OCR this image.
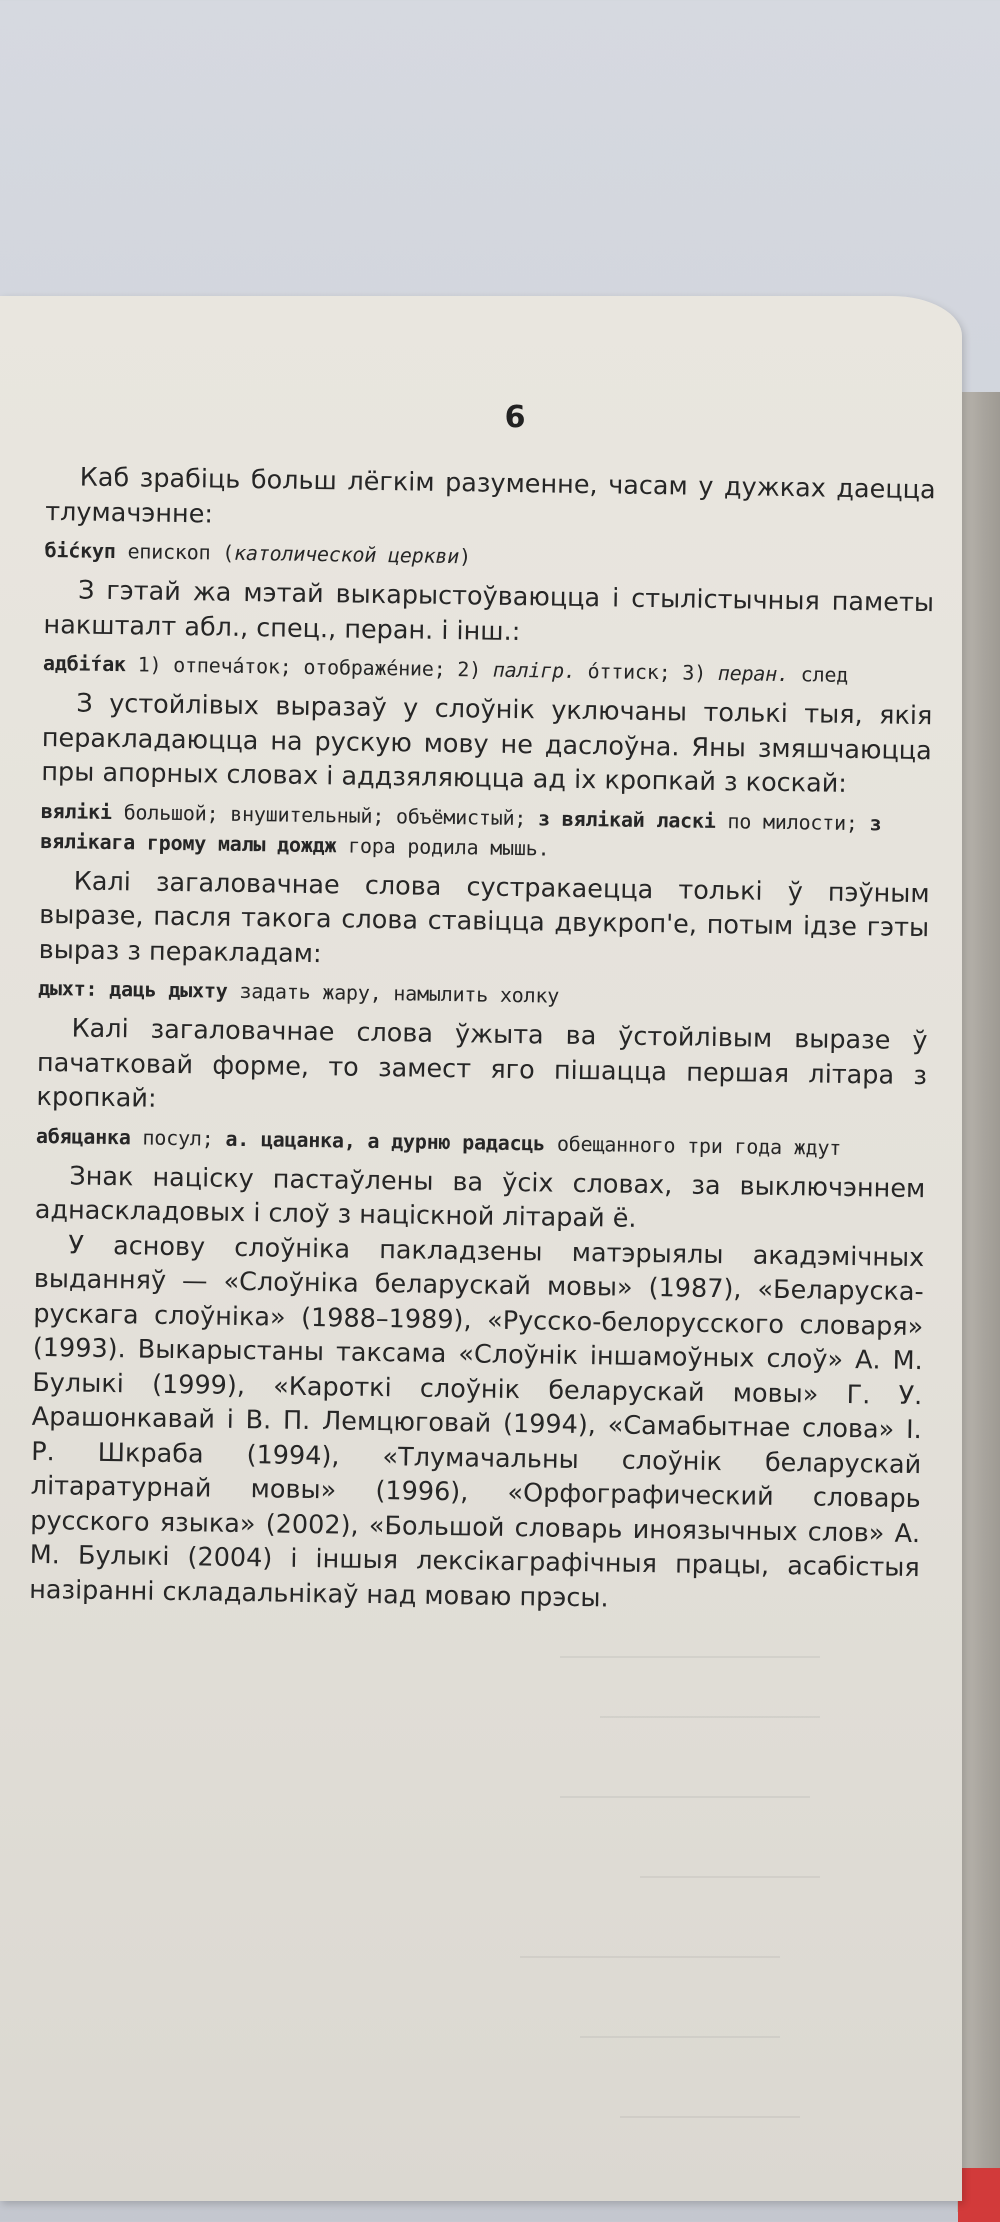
6

Каб зрабіць больш лёгкім разуменне, часам у дужках даецца тлумачэнне:

бі́скуп епископ (католической церкви)

З гэтай жа мэтай выкарыстоўваюцца і стылістычныя паметы накшталт абл., спец., перан. і інш.:

адбі́так 1) отпечáток; отображéние; 2) палігр. óттиск; 3) перан. след

З устойлівых выразаў у слоўнік уключаны толькі тыя, якія перакладаюцца на рускую мову не даслоўна. Яны змяшчаюцца пры апорных словах і аддзяляюцца ад іх кропкай з коскай:

вялікі большой; внушительный; объёмистый; з вялікай ласкі по милости; з вялікага грому малы дождж гора родила мышь.

Калі загаловачнае слова сустракаецца толькі ў пэўным выразе, пасля такога слова ставіцца двукроп'е, потым ідзе гэты выраз з перакладам:

дыхт: даць дыхту задать жару, намылить холку

Калі загаловачнае слова ўжыта ва ўстойлівым выразе ў пачатковай форме, то замест яго пішацца першая літара з кропкай:

абяцанка посул; а. цацанка, а дурню радасць обещанного три года ждут

Знак націску пастаўлены ва ўсіх словах, за выключэннем аднаскладовых і слоў з націскной літарай ё.

У аснову слоўніка пакладзены матэрыялы акадэмічных выданняў — «Слоўніка беларускай мовы» (1987), «Беларуска-рускага слоўніка» (1988–1989), «Русско-белорусского словаря» (1993). Выкарыстаны таксама «Слоўнік іншамоўных слоў» А. М. Булыкі (1999), «Кароткі слоўнік беларускай мовы» Г. У. Арашонкавай і В. П. Лемцюговай (1994), «Самабытнае слова» І. Р. Шкраба (1994), «Тлумачальны слоўнік беларускай літаратурнай мовы» (1996), «Орфографический словарь русского языка» (2002), «Большой словарь иноязычных слов» А. М. Булыкі (2004) і іншыя лексікаграфічныя працы, асабістыя назіранні складальнікаў над моваю прэсы.
